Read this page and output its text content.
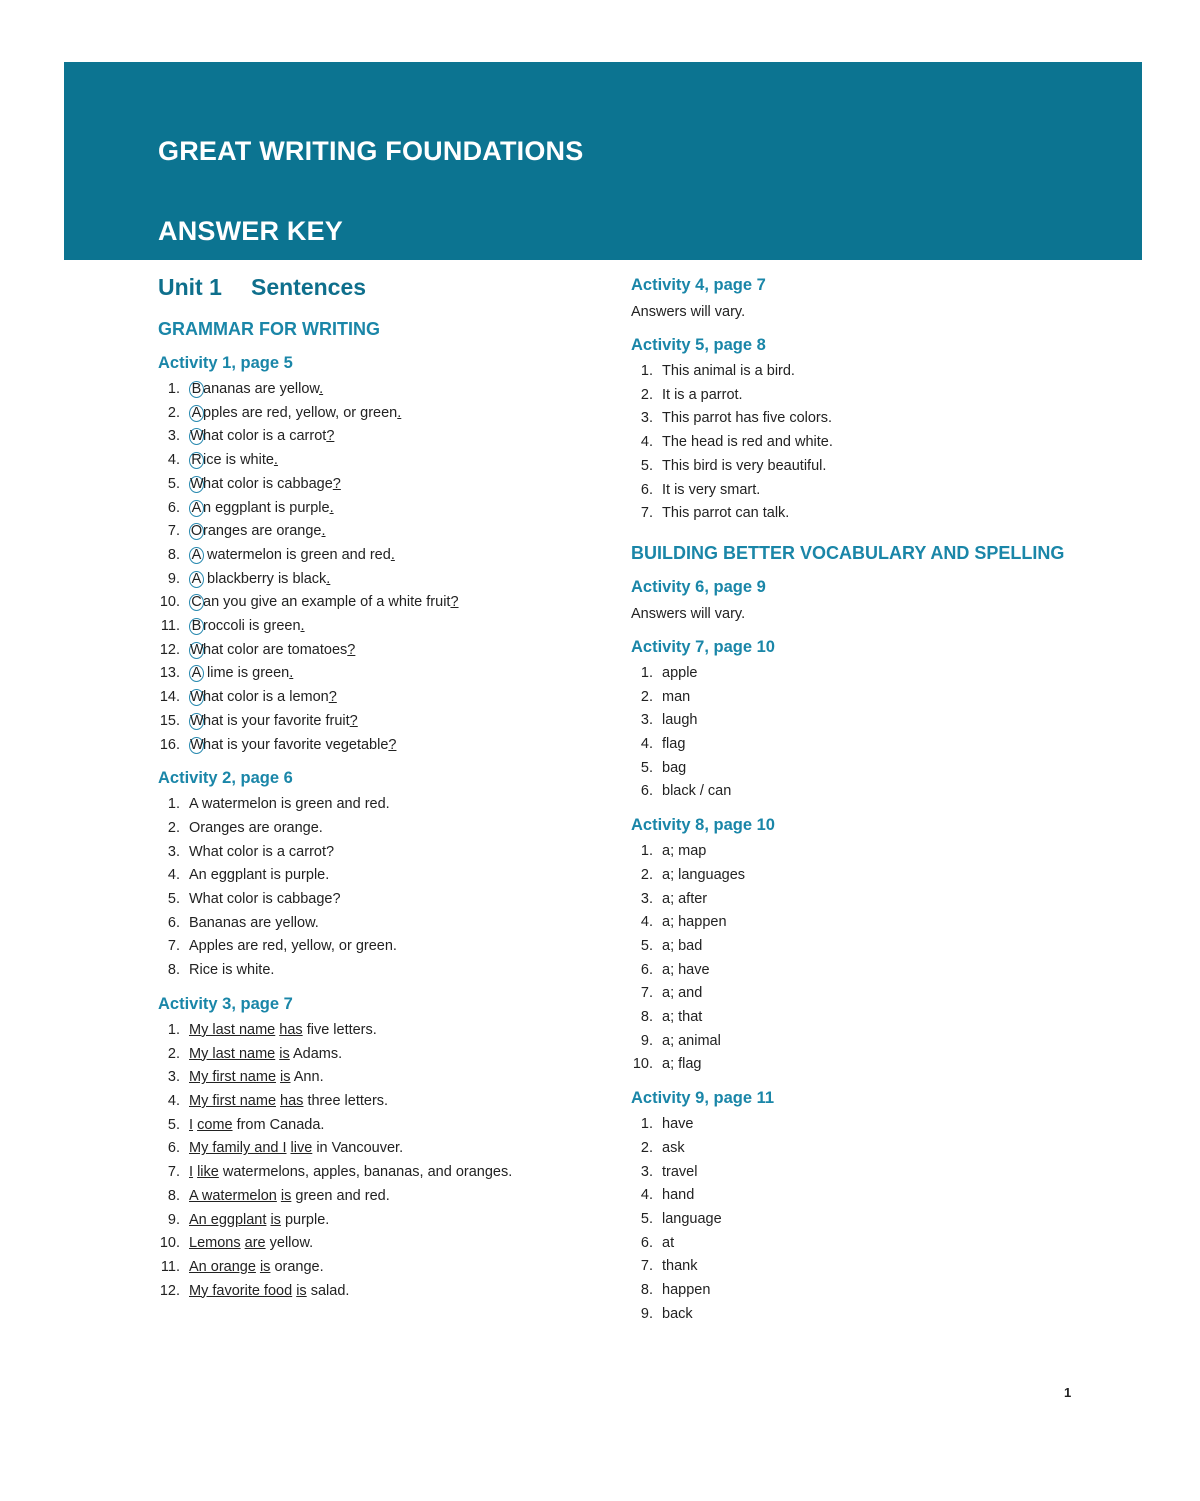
GREAT WRITING FOUNDATIONS
ANSWER KEY
Unit 1 Sentences
GRAMMAR FOR WRITING
Activity 1, page 5
1. B ananas are yellow.
2. A pples are red, yellow, or green.
3. What color is a carrot?
4. Rice is white.
5. What color is cabbage?
6. A n eggplant is purple.
7. Oranges are orange.
8. A watermelon is green and red.
9. A blackberry is black.
10. Can you give an example of a white fruit?
11. B roccoli is green.
12. What color are tomatoes?
13. A lime is green.
14. What color is a lemon?
15. What is your favorite fruit?
16. What is your favorite vegetable?
Activity 2, page 6
1. A watermelon is green and red.
2. Oranges are orange.
3. What color is a carrot?
4. An eggplant is purple.
5. What color is cabbage?
6. Bananas are yellow.
7. Apples are red, yellow, or green.
8. Rice is white.
Activity 3, page 7
1. My last name has five letters.
2. My last name is Adams.
3. My first name is Ann.
4. My first name has three letters.
5. I come from Canada.
6. My family and I live in Vancouver.
7. I like watermelons, apples, bananas, and oranges.
8. A watermelon is green and red.
9. An eggplant is purple.
10. Lemons are yellow.
11. An orange is orange.
12. My favorite food is salad.
Activity 4, page 7
Answers will vary.
Activity 5, page 8
1. This animal is a bird.
2. It is a parrot.
3. This parrot has five colors.
4. The head is red and white.
5. This bird is very beautiful.
6. It is very smart.
7. This parrot can talk.
BUILDING BETTER VOCABULARY AND SPELLING
Activity 6, page 9
Answers will vary.
Activity 7, page 10
1. apple
2. man
3. laugh
4. flag
5. bag
6. black / can
Activity 8, page 10
1. a; map
2. a; languages
3. a; after
4. a; happen
5. a; bad
6. a; have
7. a; and
8. a; that
9. a; animal
10. a; flag
Activity 9, page 11
1. have
2. ask
3. travel
4. hand
5. language
6. at
7. thank
8. happen
9. back
1
